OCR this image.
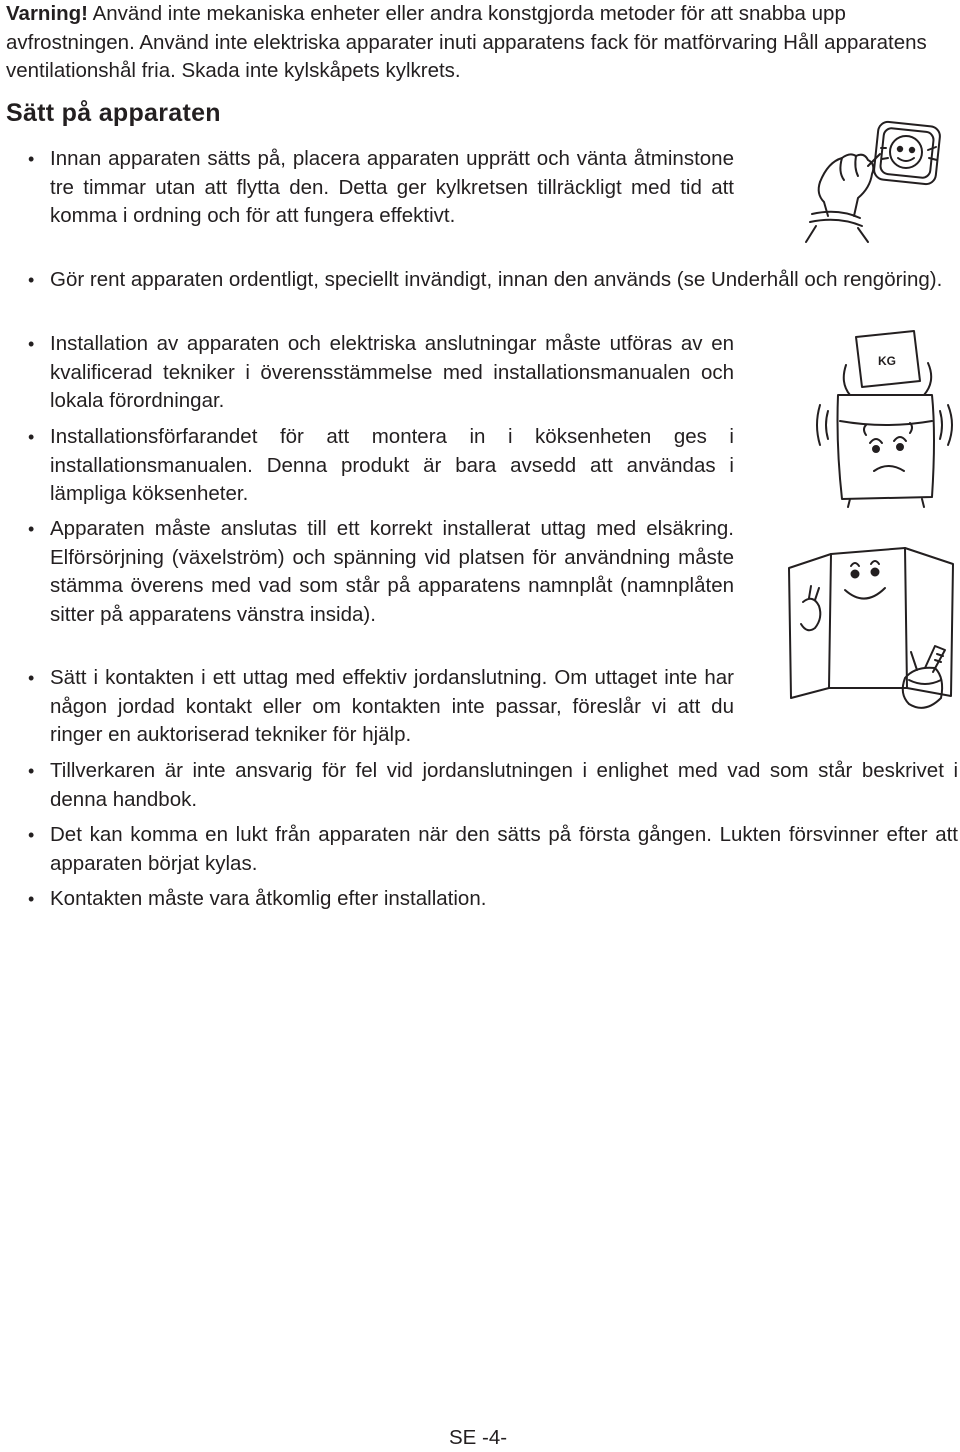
Varning! Använd inte mekaniska enheter eller andra konstgjorda metoder för att snabba upp avfrostningen. Använd inte elektriska apparater inuti apparatens fack för matförvaring Håll apparatens ventilationshål fria. Skada inte kylskåpets kylkrets.

Sätt på apparaten
• Innan apparaten sätts på, placera apparaten upprätt och vänta åtminstone tre timmar utan att flytta den. Detta ger kylkretsen tillräckligt med tid att komma i ordning och för att fungera effektivt.
• Gör rent apparaten ordentligt, speciellt invändigt, innan den används (se Underhåll och rengöring).
• Installation av apparaten och elektriska anslutningar måste utföras av en kvalificerad tekniker i överensstämmelse med installationsmanualen och lokala förordningar.
• Installationsförfarandet för att montera in i köksenheten ges i installationsmanualen. Denna produkt är bara avsedd att användas i lämpliga köksenheter.
• Apparaten måste anslutas till ett korrekt installerat uttag med elsäkring. Elförsörjning (växelström) och spänning vid platsen för användning måste stämma överens med vad som står på apparatens namnplåt (namnplåten sitter på apparatens vänstra insida).
• Sätt i kontakten i ett uttag med effektiv jordanslutning. Om uttaget inte har någon jordad kontakt eller om kontakten inte passar, föreslår vi att du ringer en auktoriserad tekniker för hjälp.
• Tillverkaren är inte ansvarig för fel vid jordanslutningen i enlighet med vad som står beskrivet i denna handbok.
• Det kan komma en lukt från apparaten när den sätts på första gången. Lukten försvinner efter att apparaten börjat kylas.
• Kontakten måste vara åtkomlig efter installation.
KG
SE -4-
